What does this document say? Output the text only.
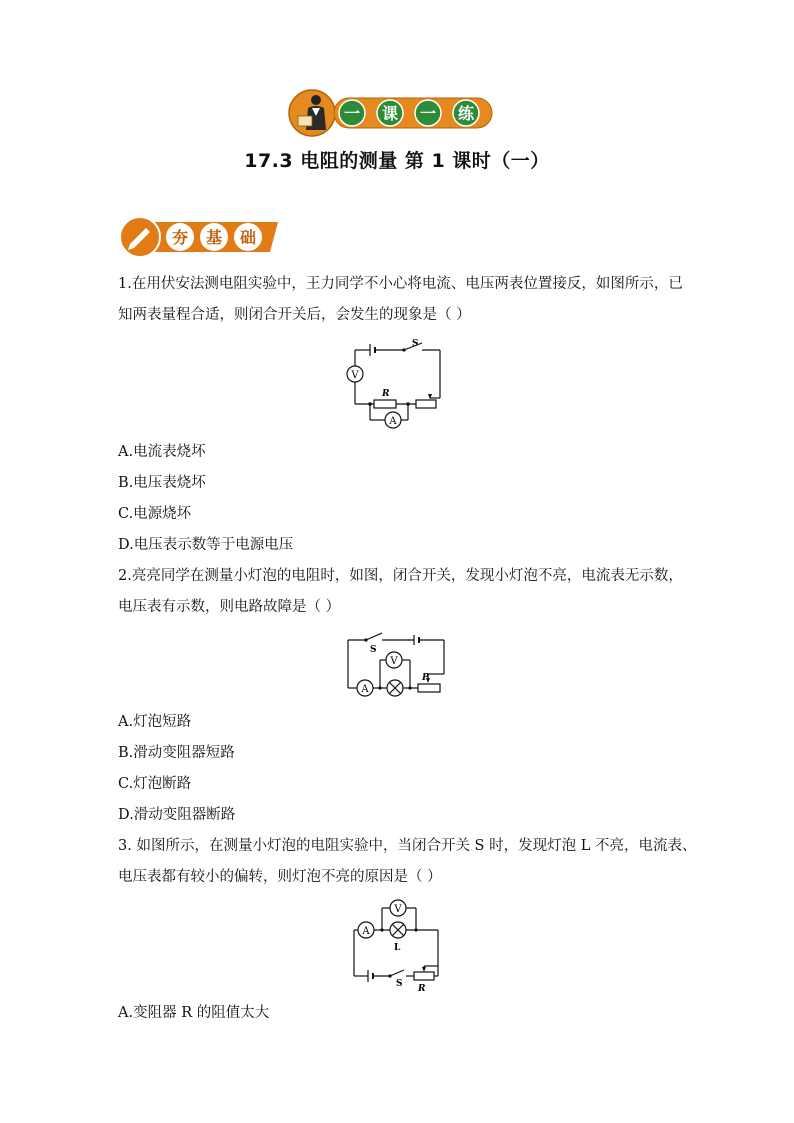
一 课 一 练
17.3 电阻的测量 第 1 课时（一）
夯 基 础
1.在用伏安法测电阻实验中，王力同学不小心将电流、电压两表位置接反，如图所示，已
知两表量程合适，则闭合开关后，会发生的现象是（ ）
V
A
S
R
A.电流表烧坏
B.电压表烧坏
C.电源烧坏
D.电压表示数等于电源电压
2.亮亮同学在测量小灯泡的电阻时，如图，闭合开关，发现小灯泡不亮，电流表无示数，
电压表有示数，则电路故障是（ ）
A
V
S
P
A.灯泡短路
B.滑动变阻器短路
C.灯泡断路
D.滑动变阻器断路
3. 如图所示，在测量小灯泡的电阻实验中，当闭合开关 S 时，发现灯泡 L 不亮，电流表、
电压表都有较小的偏转，则灯泡不亮的原因是（ ）
A
V
L
S R
A.变阻器 R 的阻值太大
